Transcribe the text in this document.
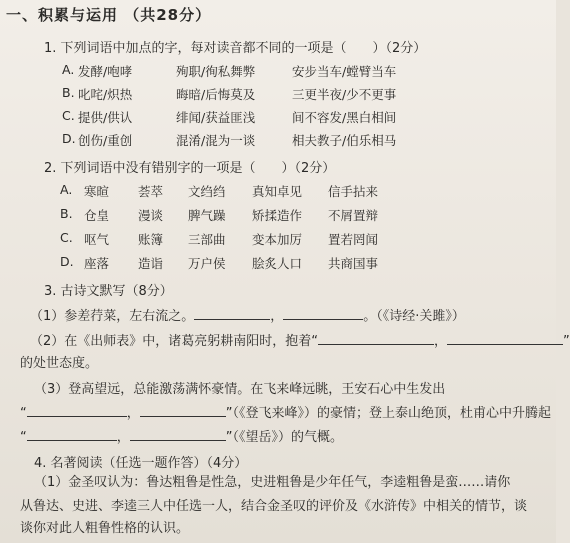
一、积累与运用 （共28分）
1. 下列词语中加点的字，每对读音都不同的一项是（　　）（2分）
A. 发酵/咆哮	殉职/徇私舞弊	安步当车/螳臂当车
B. 叱咤/炽热	晦暗/后悔莫及	三更半夜/少不更事
C. 提供/供认	绯闻/获益匪浅	间不容发/黑白相间
D. 创伤/重创	混淆/混为一谈	相夫教子/伯乐相马
2. 下列词语中没有错别字的一项是（　　）（2分）
A. 寒暄 荟萃 文绉绉 真知卓见 信手拈来
B. 仓皇 漫谈 脾气躁 矫揉造作 不屑置辩
C. 呕气 账簿 三部曲 变本加厉 置若罔闻
D. 座落 造诣 万户侯 脍炙人口 共商国事
3. 古诗文默写（8分）
（1）参差荇菜，左右流之。	，	。（《诗经·关雎》）
（2）在《出师表》中，诸葛亮躬耕南阳时，抱着“	，	”
的处世态度。
（3）登高望远，总能激荡满怀豪情。在飞来峰远眺，王安石心中生发出
“	，	”（《登飞来峰》）的豪情；登上泰山绝顶，杜甫心中升腾起
“	，	”（《望岳》）的气概。
4. 名著阅读（任选一题作答）（4分）
（1）金圣叹认为：鲁达粗鲁是性急，史进粗鲁是少年任气，李逵粗鲁是蛮……请你
从鲁达、史进、李逵三人中任选一人，结合金圣叹的评价及《水浒传》中相关的情节，谈
谈你对此人粗鲁性格的认识。
